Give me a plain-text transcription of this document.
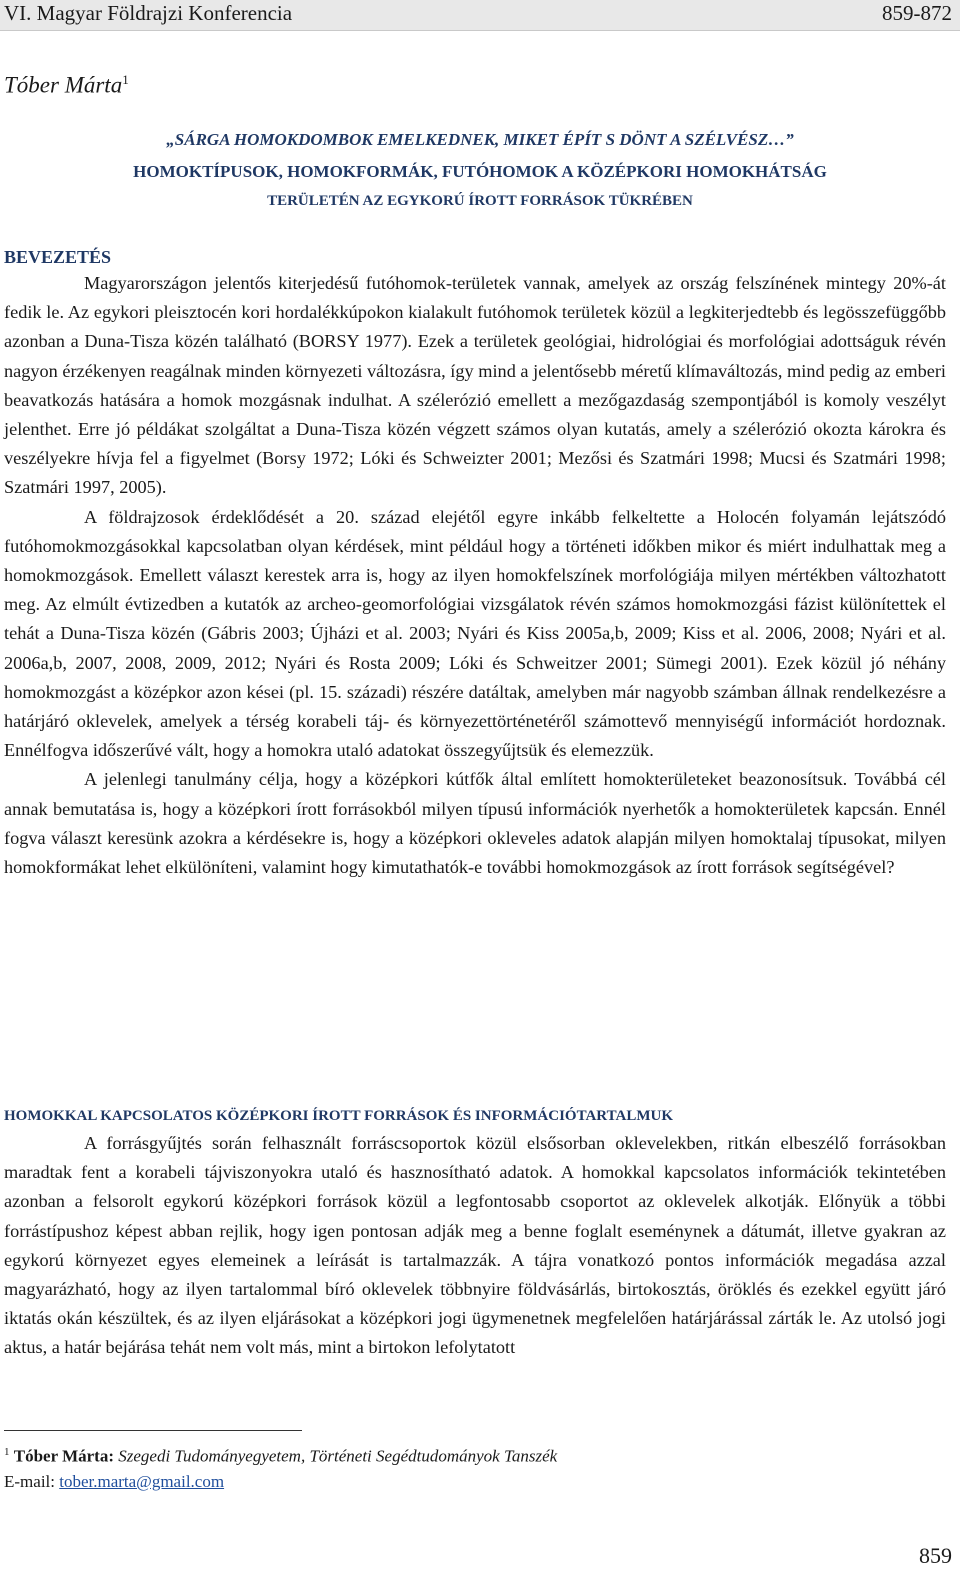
VI. Magyar Földrajzi Konferencia	859-872
Tóber Márta$^1$
„SÁRGA HOMOKDOMBOK EMELKEDNEK, MIKET ÉPÍT S DÖNT A SZÉLVÉSZ…”
HOMOKTÍPUSOK, HOMOKFORMÁK, FUTÓHOMOK A KÖZÉPKORI HOMOKHÁTSÁG
TERÜLETÉN AZ EGYKORÚ ÍROTT FORRÁSOK TÜKRÉBEN
BEVEZETÉS

Magyarországon jelentős kiterjedésű futóhomok-területek vannak, amelyek az ország felszínének mintegy 20%-át fedik le. Az egykori pleisztocén kori hordalékkúpokon kialakult futóhomok területek közül a legkiterjedtebb és legösszefüggőbb azonban a Duna-Tisza közén található (BORSY 1977). Ezek a területek geológiai, hidrológiai és morfológiai adottságuk révén nagyon érzékenyen reagálnak minden környezeti változásra, így mind a jelentősebb méretű klímaváltozás, mind pedig az emberi beavatkozás hatására a homok mozgásnak indulhat. A szélerózió emellett a mezőgazdaság szempontjából is komoly veszélyt jelenthet. Erre jó példákat szolgáltat a Duna-Tisza közén végzett számos olyan kutatás, amely a szélerózió okozta károkra és veszélyekre hívja fel a figyelmet (Borsy 1972; Lóki és Schweizter 2001; Mezősi és Szatmári 1998; Mucsi és Szatmári 1998; Szatmári 1997, 2005).

A földrajzosok érdeklődését a 20. század elejétől egyre inkább felkeltette a Holocén folyamán lejátszódó futóhomokmozgásokkal kapcsolatban olyan kérdések, mint például hogy a történeti időkben mikor és miért indulhattak meg a homokmozgások. Emellett választ kerestek arra is, hogy az ilyen homokfelszínek morfológiája milyen mértékben változhatott meg. Az elmúlt évtizedben a kutatók az archeo-geomorfológiai vizsgálatok révén számos homokmozgási fázist különítettek el tehát a Duna-Tisza közén (Gábris 2003; Újházi et al. 2003; Nyári és Kiss 2005a,b, 2009; Kiss et al. 2006, 2008; Nyári et al. 2006a,b, 2007, 2008, 2009, 2012; Nyári és Rosta 2009; Lóki és Schweitzer 2001; Sümegi 2001). Ezek közül jó néhány homokmozgást a középkor azon kései (pl. 15. századi) részére datáltak, amelyben már nagyobb számban állnak rendelkezésre a határjáró oklevelek, amelyek a térség korabeli táj- és környezettörténetéről számottevő mennyiségű információt hordoznak. Ennélfogva időszerűvé vált, hogy a homokra utaló adatokat összegyűjtsük és elemezzük.

A jelenlegi tanulmány célja, hogy a középkori kútfők által említett homokterületeket beazonosítsuk. Továbbá cél annak bemutatása is, hogy a középkori írott forrásokból milyen típusú információk nyerhetők a homokterületek kapcsán. Ennél fogva választ keresünk azokra a kérdésekre is, hogy a középkori okleveles adatok alapján milyen homoktalaj típusokat, milyen homokformákat lehet elkülöníteni, valamint hogy kimutathatók-e további homokmozgások az írott források segítségével?

HOMOKKAL KAPCSOLATOS KÖZÉPKORI ÍROTT FORRÁSOK ÉS INFORMÁCIÓTARTALMUK

A forrásgyűjtés során felhasznált forráscsoportok közül elsősorban oklevelekben, ritkán elbeszélő forrásokban maradtak fent a korabeli tájviszonyokra utaló és hasznosítható adatok. A homokkal kapcsolatos információk tekintetében azonban a felsorolt egykorú középkori források közül a legfontosabb csoportot az oklevelek alkotják. Előnyük a többi forrástípushoz képest abban rejlik, hogy igen pontosan adják meg a benne foglalt eseménynek a dátumát, illetve gyakran az egykorú környezet egyes elemeinek a leírását is tartalmazzák. A tájra vonatkozó pontos információk megadása azzal magyarázható, hogy az ilyen tartalommal bíró oklevelek többnyire földvásárlás, birtokosztás, öröklés és ezekkel együtt járó iktatás okán készültek, és az ilyen eljárásokat a középkori jogi ügymenetnek megfelelően határjárással zárták le. Az utolsó jogi aktus, a határ bejárása tehát nem volt más, mint a birtokon lefolytatott

$^1$ Tóber Márta: Szegedi Tudományegyetem, Történeti Segédtudományok Tanszék
E-mail: tober.marta@gmail.com
859
